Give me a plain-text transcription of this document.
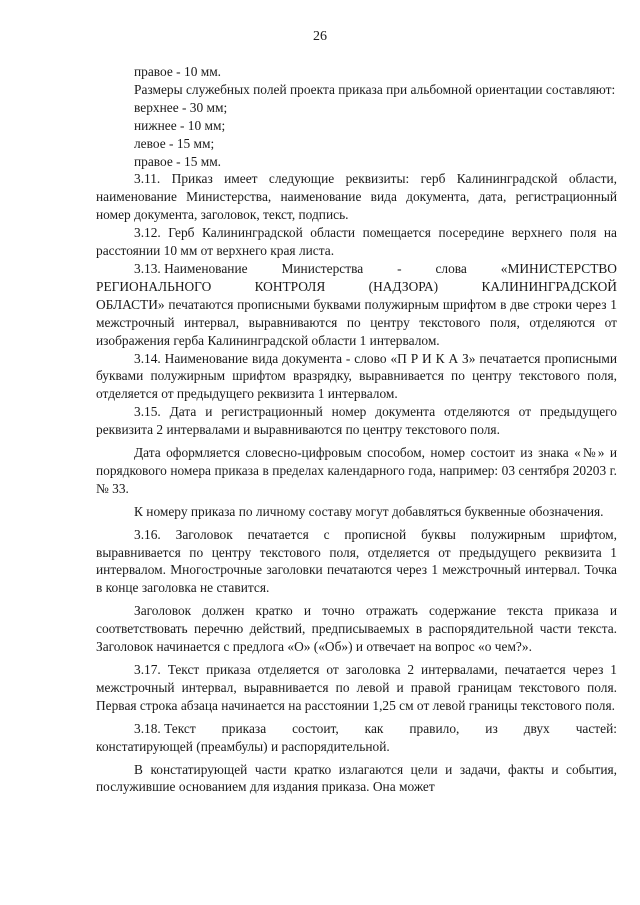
26

правое - 10 мм.

Размеры служебных полей проекта приказа при альбомной ориентации составляют:

верхнее - 30 мм;

нижнее - 10 мм;

левое - 15 мм;

правое - 15 мм.

3.11. Приказ имеет следующие реквизиты: герб Калининградской области, наименование Министерства, наименование вида документа, дата, регистрационный номер документа, заголовок, текст, подпись.

3.12. Герб Калининградской области помещается посередине верхнего поля на расстоянии 10 мм от верхнего края листа.

3.13. Наименование	Министерства	-	слова	«МИНИСТЕРСТВО
РЕГИОНАЛЬНОГО	КОНТРОЛЯ	(НАДЗОРА)	КАЛИНИНГРАДСКОЙ
ОБЛАСТИ» печатаются прописными буквами полужирным шрифтом в две строки через 1 межстрочный интервал, выравниваются по центру текстового поля, отделяются от изображения герба Калининградской области 1 интервалом.

3.14. Наименование вида документа - слово «П Р И К А З» печатается прописными буквами полужирным шрифтом вразрядку, выравнивается по центру текстового поля, отделяется от предыдущего реквизита 1 интервалом.

3.15. Дата и регистрационный номер документа отделяются от предыдущего реквизита 2 интервалами и выравниваются по центру текстового поля.

Дата оформляется словесно-цифровым способом, номер состоит из знака «№» и порядкового номера приказа в пределах календарного года, например: 03 сентября 20203 г. № 33.

К номеру приказа по личному составу могут добавляться буквенные обозначения.

3.16. Заголовок печатается с прописной буквы полужирным шрифтом, выравнивается по центру текстового поля, отделяется от предыдущего реквизита 1 интервалом. Многострочные заголовки печатаются через 1 межстрочный интервал. Точка в конце заголовка не ставится.

Заголовок должен кратко и точно отражать содержание текста приказа и соответствовать перечню действий, предписываемых в распорядительной части текста. Заголовок начинается с предлога «О» («Об») и отвечает на вопрос «о чем?».

3.17. Текст приказа отделяется от заголовка 2 интервалами, печатается через 1 межстрочный интервал, выравнивается по левой и правой границам текстового поля. Первая строка абзаца начинается на расстоянии 1,25 см от левой границы текстового поля.

3.18. Текст приказа состоит, как правило, из двух частей:
констатирующей (преамбулы) и распорядительной.

В констатирующей части кратко излагаются цели и задачи, факты и события, послужившие основанием для издания приказа. Она может
